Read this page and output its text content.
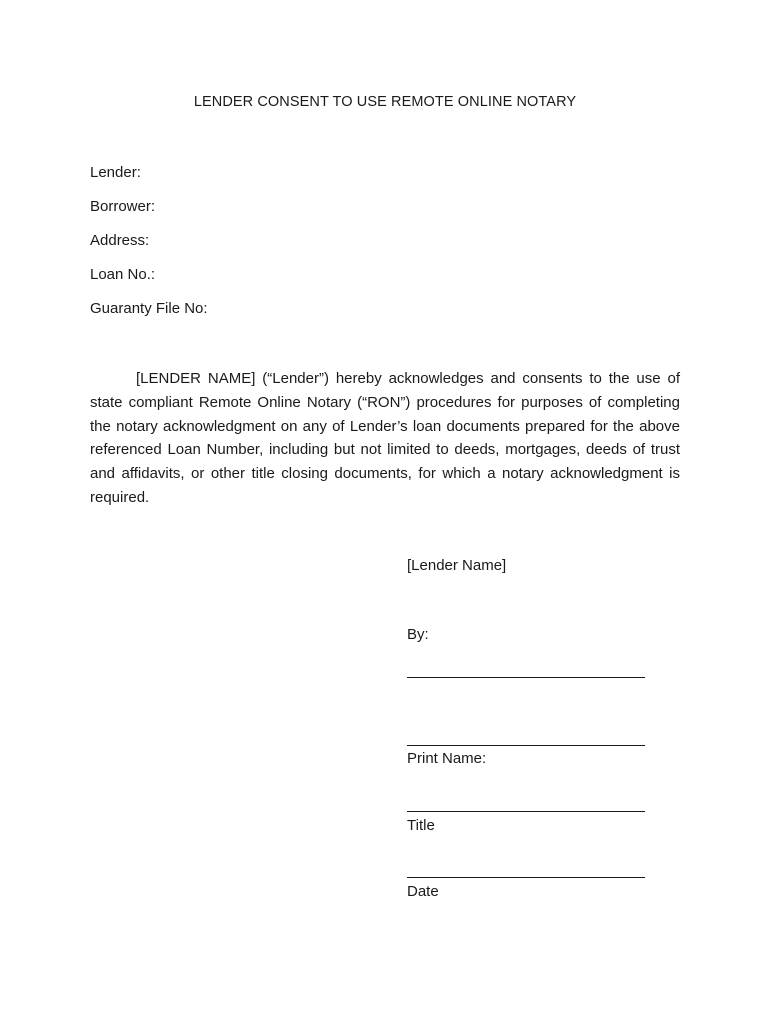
LENDER CONSENT TO USE REMOTE ONLINE NOTARY
Lender:
Borrower:
Address:
Loan No.:
Guaranty File No:

[LENDER NAME] (“Lender”) hereby acknowledges and consents to the use of state compliant Remote Online Notary (“RON”) procedures for purposes of completing the notary acknowledgment on any of Lender’s loan documents prepared for the above referenced Loan Number, including but not limited to deeds, mortgages, deeds of trust and affidavits, or other title closing documents, for which a notary acknowledgment is required.

[Lender Name]
By:
Print Name:
Title
Date
